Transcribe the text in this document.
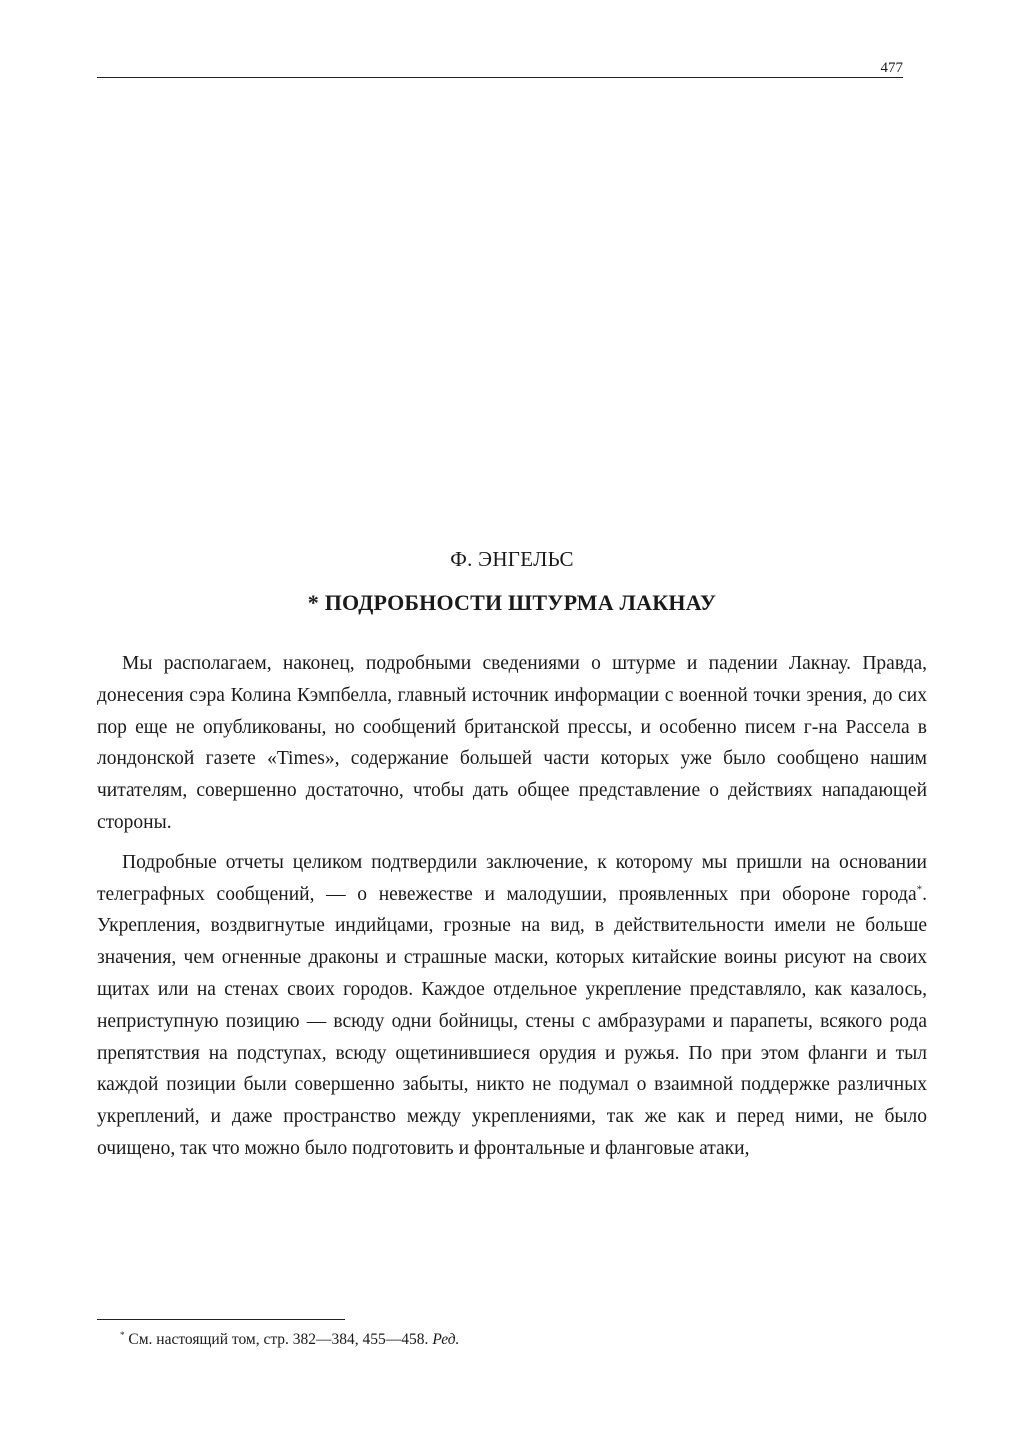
477
Ф. ЭНГЕЛЬС
* ПОДРОБНОСТИ ШТУРМА ЛАКНАУ

Мы располагаем, наконец, подробными сведениями о штурме и падении Лакнау. Правда, донесения сэра Колина Кэмпбелла, главный источник информации с военной точки зрения, до сих пор еще не опубликованы, но сообщений британской прессы, и особенно писем г-на Рассела в лондонской газете «Times», содержание большей части которых уже было сообщено нашим читателям, совершенно достаточно, чтобы дать общее представление о действиях нападающей стороны.

Подробные отчеты целиком подтвердили заключение, к которому мы пришли на основании телеграфных сообщений, — о невежестве и малодушии, проявленных при обороне города*. Укрепления, воздвигнутые индийцами, грозные на вид, в действительности имели не больше значения, чем огненные драконы и страшные маски, которых китайские воины рисуют на своих щитах или на стенах своих городов. Каждое отдельное укрепление представляло, как казалось, неприступную позицию — всюду одни бойницы, стены с амбразурами и парапеты, всякого рода препятствия на подступах, всюду ощетинившиеся орудия и ружья. По при этом фланги и тыл каждой позиции были совершенно забыты, никто не подумал о взаимной поддержке различных укреплений, и даже пространство между укреплениями, так же как и перед ними, не было очищено, так что можно было подготовить и фронтальные и фланговые атаки,

* См. настоящий том, стр. 382—384, 455—458. Ред.
